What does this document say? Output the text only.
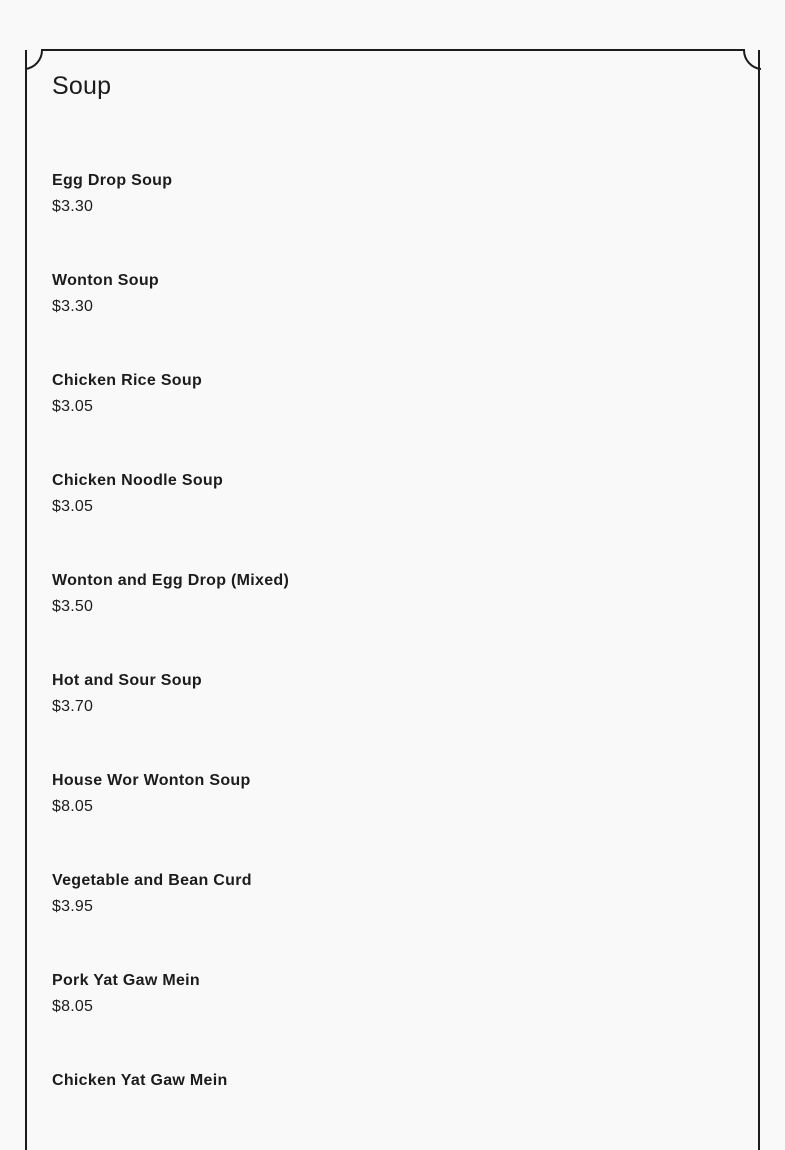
Soup
Egg Drop Soup
$3.30
Wonton Soup
$3.30
Chicken Rice Soup
$3.05
Chicken Noodle Soup
$3.05
Wonton and Egg Drop (Mixed)
$3.50
Hot and Sour Soup
$3.70
House Wor Wonton Soup
$8.05
Vegetable and Bean Curd
$3.95
Pork Yat Gaw Mein
$8.05
Chicken Yat Gaw Mein
